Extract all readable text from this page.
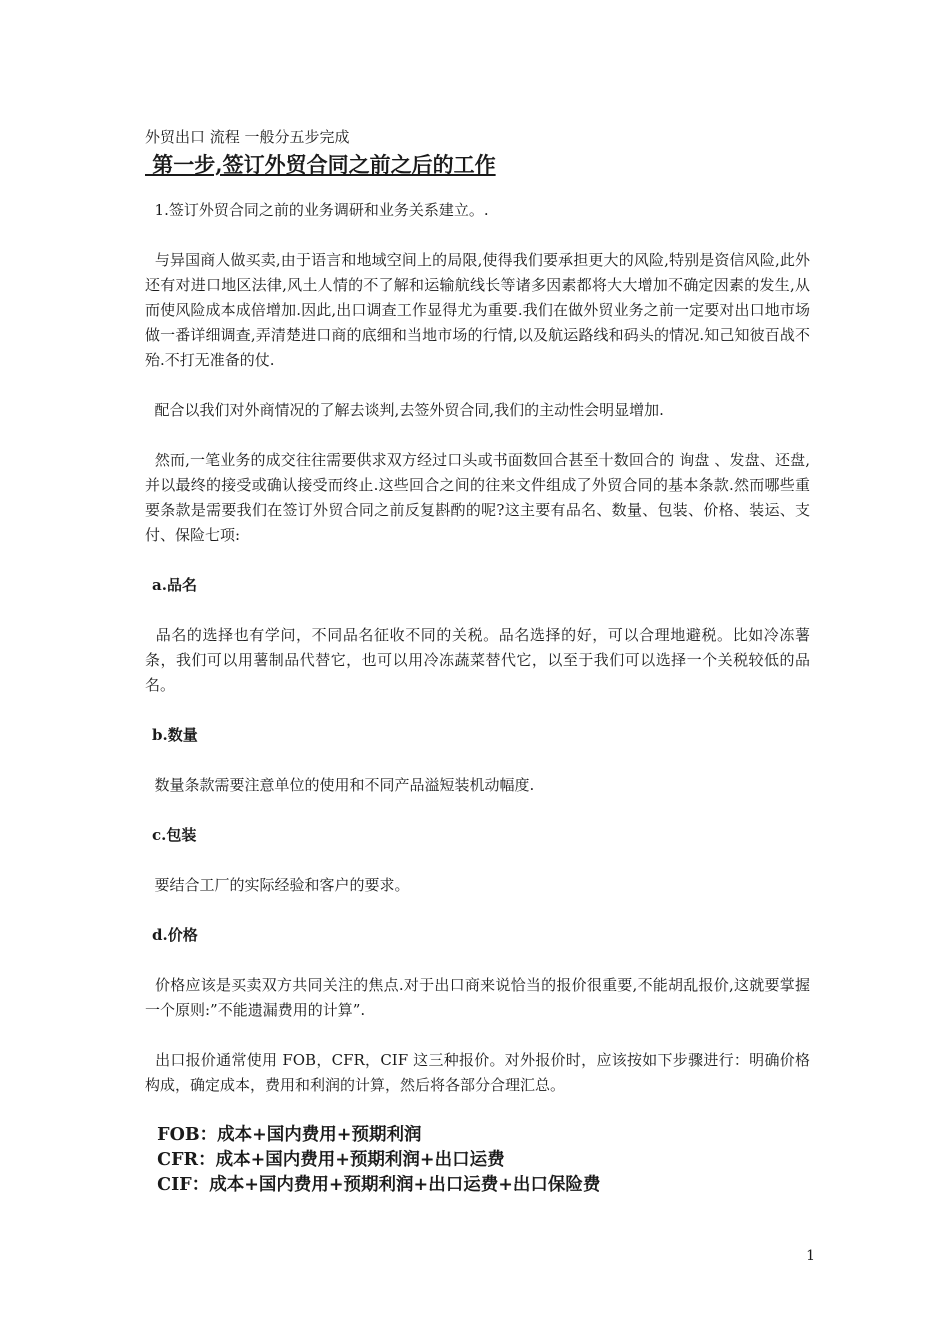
外贸出口 流程 一般分五步完成

第一步,签订外贸合同之前之后的工作

1.签订外贸合同之前的业务调研和业务关系建立。.

与异国商人做买卖,由于语言和地域空间上的局限,使得我们要承担更大的风险,特别是资信风险,此外还有对进口地区法律,风土人情的不了解和运输航线长等诸多因素都将大大增加不确定因素的发生,从而使风险成本成倍增加.因此,出口调查工作显得尤为重要.我们在做外贸业务之前一定要对出口地市场做一番详细调查,弄清楚进口商的底细和当地市场的行情,以及航运路线和码头的情况.知己知彼百战不殆.不打无准备的仗.

配合以我们对外商情况的了解去谈判,去签外贸合同,我们的主动性会明显增加.

然而,一笔业务的成交往往需要供求双方经过口头或书面数回合甚至十数回合的 询盘 、发盘、还盘,并以最终的接受或确认接受而终止.这些回合之间的往来文件组成了外贸合同的基本条款.然而哪些重要条款是需要我们在签订外贸合同之前反复斟酌的呢?这主要有品名、数量、包装、价格、装运、支付、保险七项:

a.品名

品名的选择也有学问，不同品名征收不同的关税。品名选择的好，可以合理地避税。比如冷冻薯条，我们可以用薯制品代替它，也可以用冷冻蔬菜替代它，以至于我们可以选择一个关税较低的品名。

b.数量

数量条款需要注意单位的使用和不同产品溢短装机动幅度.

c.包装

要结合工厂的实际经验和客户的要求。

d.价格

价格应该是买卖双方共同关注的焦点.对于出口商来说恰当的报价很重要,不能胡乱报价,这就要掌握一个原则:”不能遗漏费用的计算”.

出口报价通常使用 FOB，CFR，CIF 这三种报价。对外报价时，应该按如下步骤进行：明确价格构成，确定成本，费用和利润的计算，然后将各部分合理汇总。

FOB：成本+国内费用+预期利润

CFR：成本+国内费用+预期利润+出口运费

CIF：成本+国内费用+预期利润+出口运费+出口保险费

1
